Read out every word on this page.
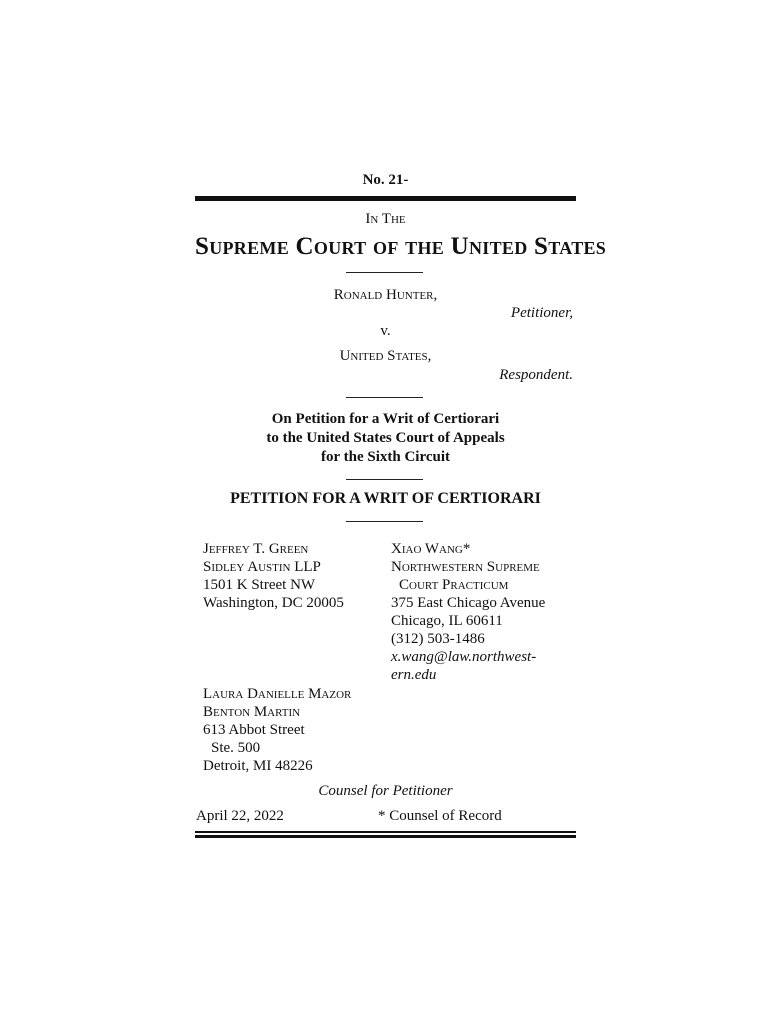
No. 21-
In The
Supreme Court of the United States
Ronald Hunter,
Petitioner,
v.
United States,
Respondent.
On Petition for a Writ of Certiorari
to the United States Court of Appeals
for the Sixth Circuit
PETITION FOR A WRIT OF CERTIORARI
Jeffrey T. Green
Sidley Austin LLP
1501 K Street NW
Washington, DC 20005
Xiao Wang*
Northwestern Supreme
Court Practicum
375 East Chicago Avenue
Chicago, IL 60611
(312) 503-1486
x.wang@law.northwest-
ern.edu
Laura Danielle Mazor
Benton Martin
613 Abbot Street
Ste. 500
Detroit, MI 48226
Counsel for Petitioner
April 22, 2022	* Counsel of Record
